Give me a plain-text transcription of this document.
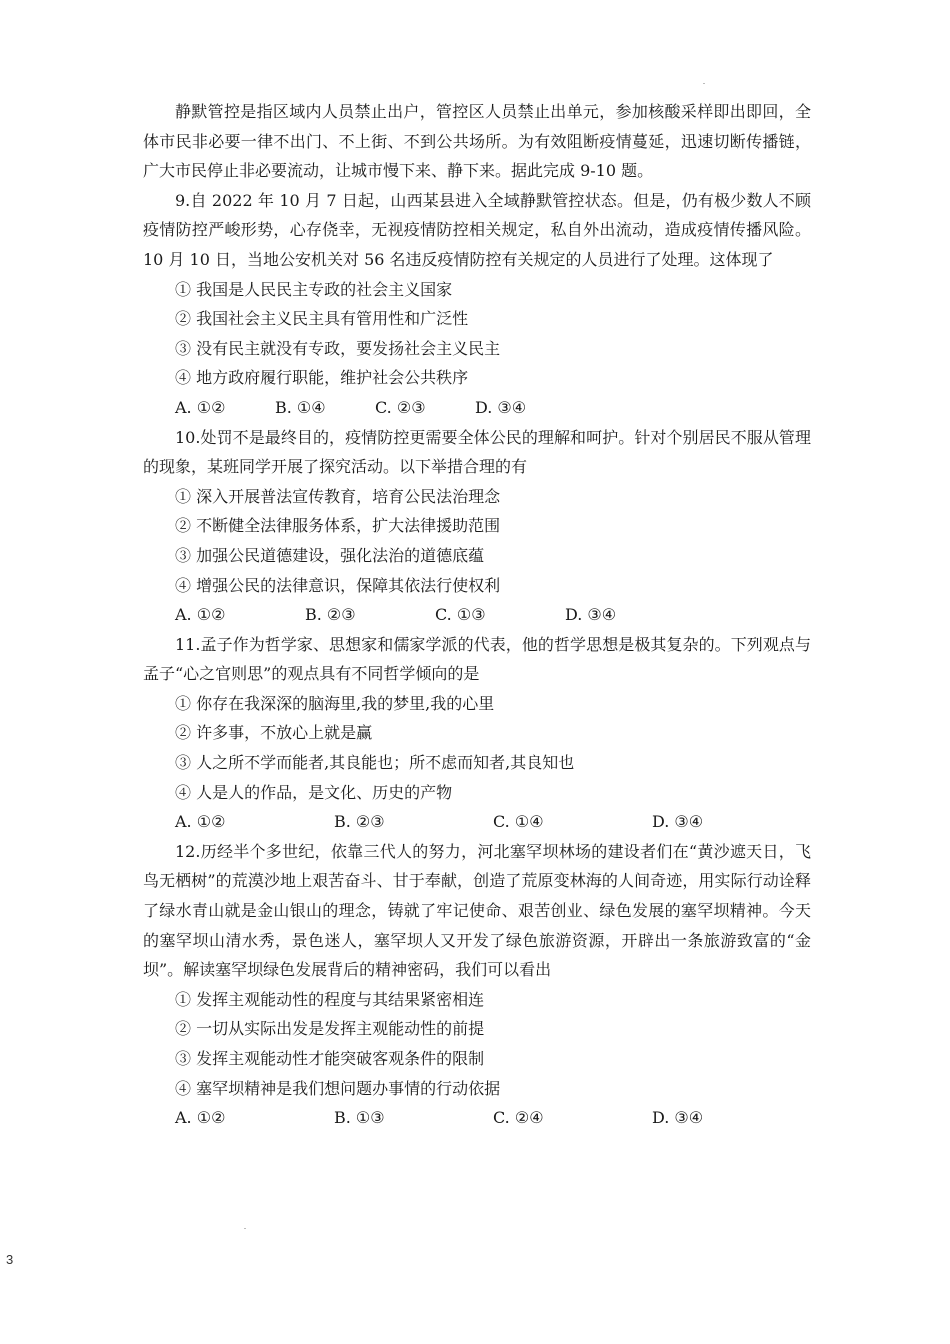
静默管控是指区域内人员禁止出户，管控区人员禁止出单元，参加核酸采样即出即回，全体市民非必要一律不出门、不上街、不到公共场所。为有效阻断疫情蔓延，迅速切断传播链，广大市民停止非必要流动，让城市慢下来、静下来。据此完成 9-10 题。

9.自 2022 年 10 月 7 日起，山西某县进入全域静默管控状态。但是，仍有极少数人不顾疫情防控严峻形势，心存侥幸，无视疫情防控相关规定，私自外出流动，造成疫情传播风险。10 月 10 日，当地公安机关对 56 名违反疫情防控有关规定的人员进行了处理。这体现了

① 我国是人民民主专政的社会主义国家

② 我国社会主义民主具有管用性和广泛性

③ 没有民主就没有专政，要发扬社会主义民主

④ 地方政府履行职能，维护社会公共秩序

A. ①②	B. ①④	C. ②③	D. ③④

10.处罚不是最终目的，疫情防控更需要全体公民的理解和呵护。针对个别居民不服从管理的现象，某班同学开展了探究活动。以下举措合理的有

① 深入开展普法宣传教育，培育公民法治理念

② 不断健全法律服务体系，扩大法律援助范围

③ 加强公民道德建设，强化法治的道德底蕴

④ 增强公民的法律意识，保障其依法行使权利

A. ①②	B. ②③	C. ①③	D. ③④

11.孟子作为哲学家、思想家和儒家学派的代表，他的哲学思想是极其复杂的。下列观点与孟子“心之官则思”的观点具有不同哲学倾向的是

① 你存在我深深的脑海里,我的梦里,我的心里

② 许多事，不放心上就是赢

③ 人之所不学而能者,其良能也；所不虑而知者,其良知也

④ 人是人的作品，是文化、历史的产物

A. ①②	B. ②③	C. ①④	D. ③④

12.历经半个多世纪，依靠三代人的努力，河北塞罕坝林场的建设者们在“黄沙遮天日，飞鸟无栖树”的荒漠沙地上艰苦奋斗、甘于奉献，创造了荒原变林海的人间奇迹，用实际行动诠释了绿水青山就是金山银山的理念，铸就了牢记使命、艰苦创业、绿色发展的塞罕坝精神。今天的塞罕坝山清水秀，景色迷人，塞罕坝人又开发了绿色旅游资源，开辟出一条旅游致富的“金坝”。解读塞罕坝绿色发展背后的精神密码，我们可以看出

① 发挥主观能动性的程度与其结果紧密相连

② 一切从实际出发是发挥主观能动性的前提

③ 发挥主观能动性才能突破客观条件的限制

④ 塞罕坝精神是我们想问题办事情的行动依据

A. ①②	B. ①③	C. ②④	D. ③④
3
